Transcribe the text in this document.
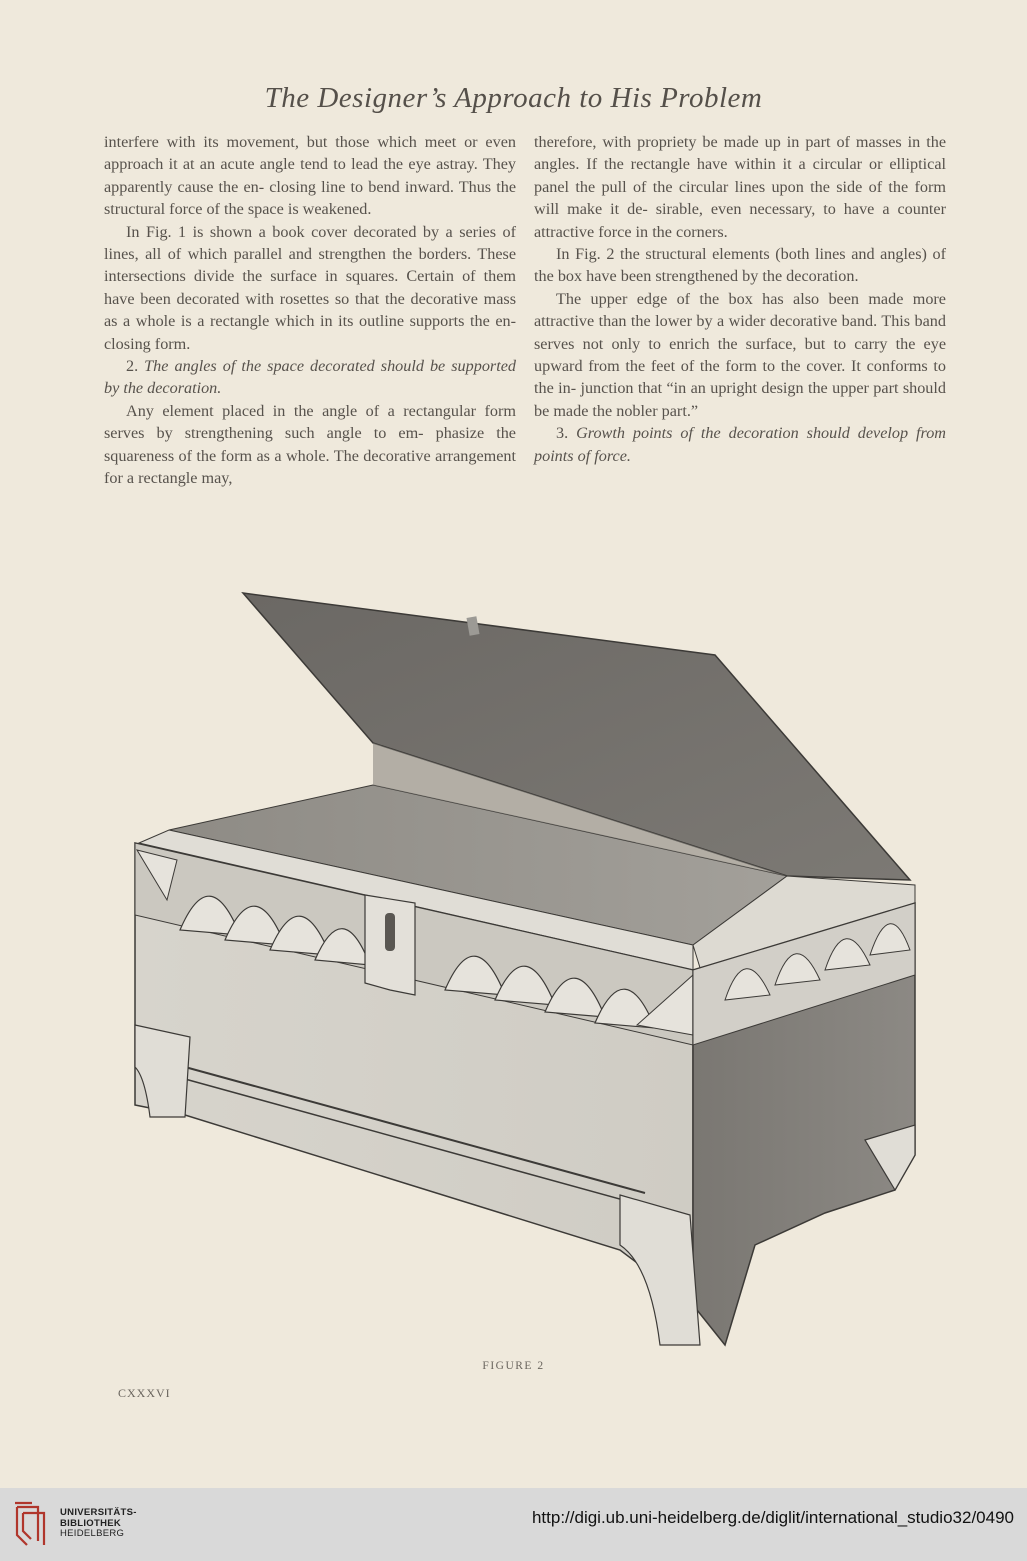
The Designer’s Approach to His Problem

interfere with its movement, but those which meet or even approach it at an acute angle tend to lead the eye astray. They apparently cause the en- closing line to bend inward. Thus the structural force of the space is weakened.

In Fig. 1 is shown a book cover decorated by a series of lines, all of which parallel and strengthen the borders. These intersections divide the surface in squares. Certain of them have been decorated with rosettes so that the decorative mass as a whole is a rectangle which in its outline supports the en- closing form.

2. The angles of the space decorated should be supported by the decoration.

Any element placed in the angle of a rectangular form serves by strengthening such angle to em- phasize the squareness of the form as a whole. The decorative arrangement for a rectangle may,

therefore, with propriety be made up in part of masses in the angles. If the rectangle have within it a circular or elliptical panel the pull of the circular lines upon the side of the form will make it de- sirable, even necessary, to have a counter attractive force in the corners.

In Fig. 2 the structural elements (both lines and angles) of the box have been strengthened by the decoration.

The upper edge of the box has also been made more attractive than the lower by a wider decorative band. This band serves not only to enrich the surface, but to carry the eye upward from the feet of the form to the cover. It conforms to the in- junction that “in an upright design the upper part should be made the nobler part.”

3. Growth points of the decoration should develop from points of force.

FIGURE 2
CXXXVI
UNIVERSITÄTS-
BIBLIOTHEK
HEIDELBERG
http://digi.ub.uni-heidelberg.de/diglit/international_studio32/0490
